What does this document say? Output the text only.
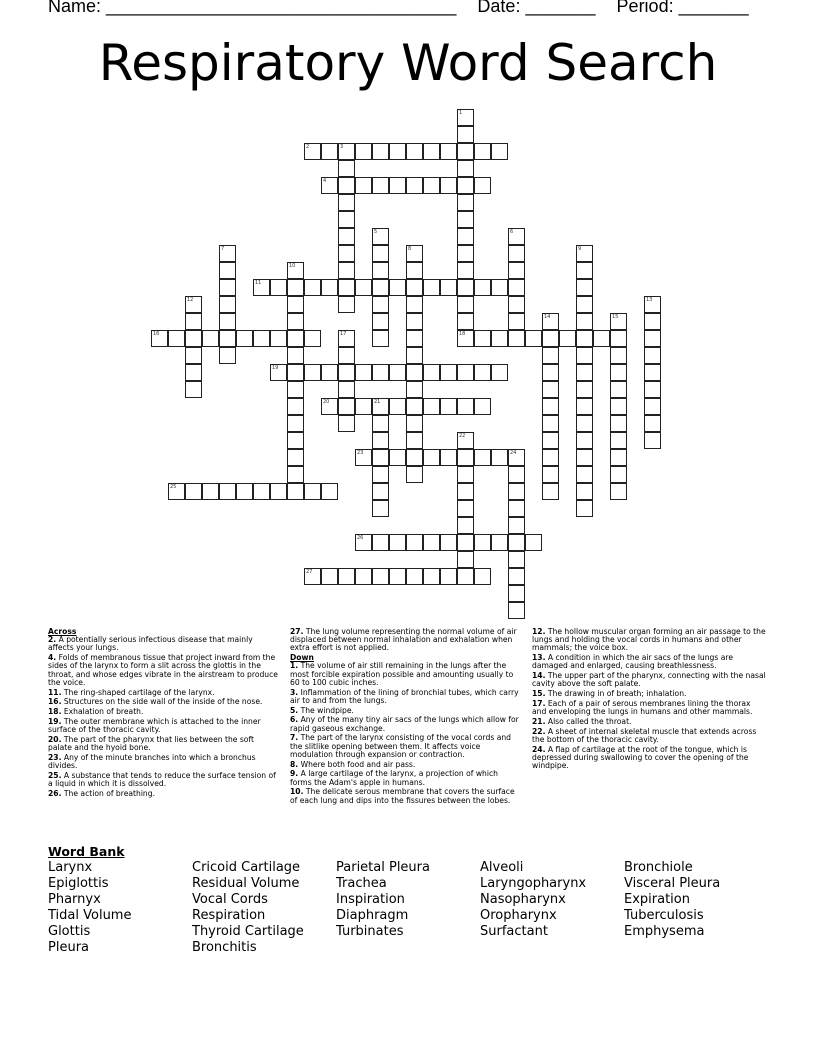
Name: ___________________________________ Date: _______ Period: _______
Respiratory Word Search
1
18
2	3
4
5	6
7	8	9
10
11
12	13
14	15
16	17
19
20	21
22
23	24
25
26
27
Across
2. A potentially serious infectious disease that mainly affects your lungs.
4. Folds of membranous tissue that project inward from the sides of the larynx to form a slit across the glottis in the throat, and whose edges vibrate in the airstream to produce the voice.
11. The ring-shaped cartilage of the larynx.
16. Structures on the side wall of the inside of the nose.
18. Exhalation of breath.
19. The outer membrane which is attached to the inner surface of the thoracic cavity.
20. The part of the pharynx that lies between the soft palate and the hyoid bone.
23. Any of the minute branches into which a bronchus divides.
25. A substance that tends to reduce the surface tension of a liquid in which it is dissolved.
26. The action of breathing.
27. The lung volume representing the normal volume of air displaced between normal inhalation and exhalation when extra effort is not applied.
Down
1. The volume of air still remaining in the lungs after the most forcible expiration possible and amounting usually to 60 to 100 cubic inches.
3. Inflammation of the lining of bronchial tubes, which carry air to and from the lungs.
5. The windpipe.
6. Any of the many tiny air sacs of the lungs which allow for rapid gaseous exchange.
7. The part of the larynx consisting of the vocal cords and the slitlike opening between them. It affects voice modulation through expansion or contraction.
8. Where both food and air pass.
9. A large cartilage of the larynx, a projection of which forms the Adam's apple in humans.
10. The delicate serous membrane that covers the surface of each lung and dips into the fissures between the lobes.
12. The hollow muscular organ forming an air passage to the lungs and holding the vocal cords in humans and other mammals; the voice box.
13. A condition in which the air sacs of the lungs are damaged and enlarged, causing breathlessness.
14. The upper part of the pharynx, connecting with the nasal cavity above the soft palate.
15. The drawing in of breath; inhalation.
17. Each of a pair of serous membranes lining the thorax and enveloping the lungs in humans and other mammals.
21. Also called the throat.
22. A sheet of internal skeletal muscle that extends across the bottom of the thoracic cavity.
24. A flap of cartilage at the root of the tongue, which is depressed during swallowing to cover the opening of the windpipe.
Word Bank
Larynx	Cricoid Cartilage	Parietal Pleura	Alveoli	Bronchiole
Epiglottis	Residual Volume	Trachea	Laryngopharynx	Visceral Pleura
Pharnyx	Vocal Cords	Inspiration	Nasopharynx	Expiration
Tidal Volume	Respiration	Diaphragm	Oropharynx	Tuberculosis
Glottis	Thyroid Cartilage	Turbinates	Surfactant	Emphysema
Pleura	Bronchitis
